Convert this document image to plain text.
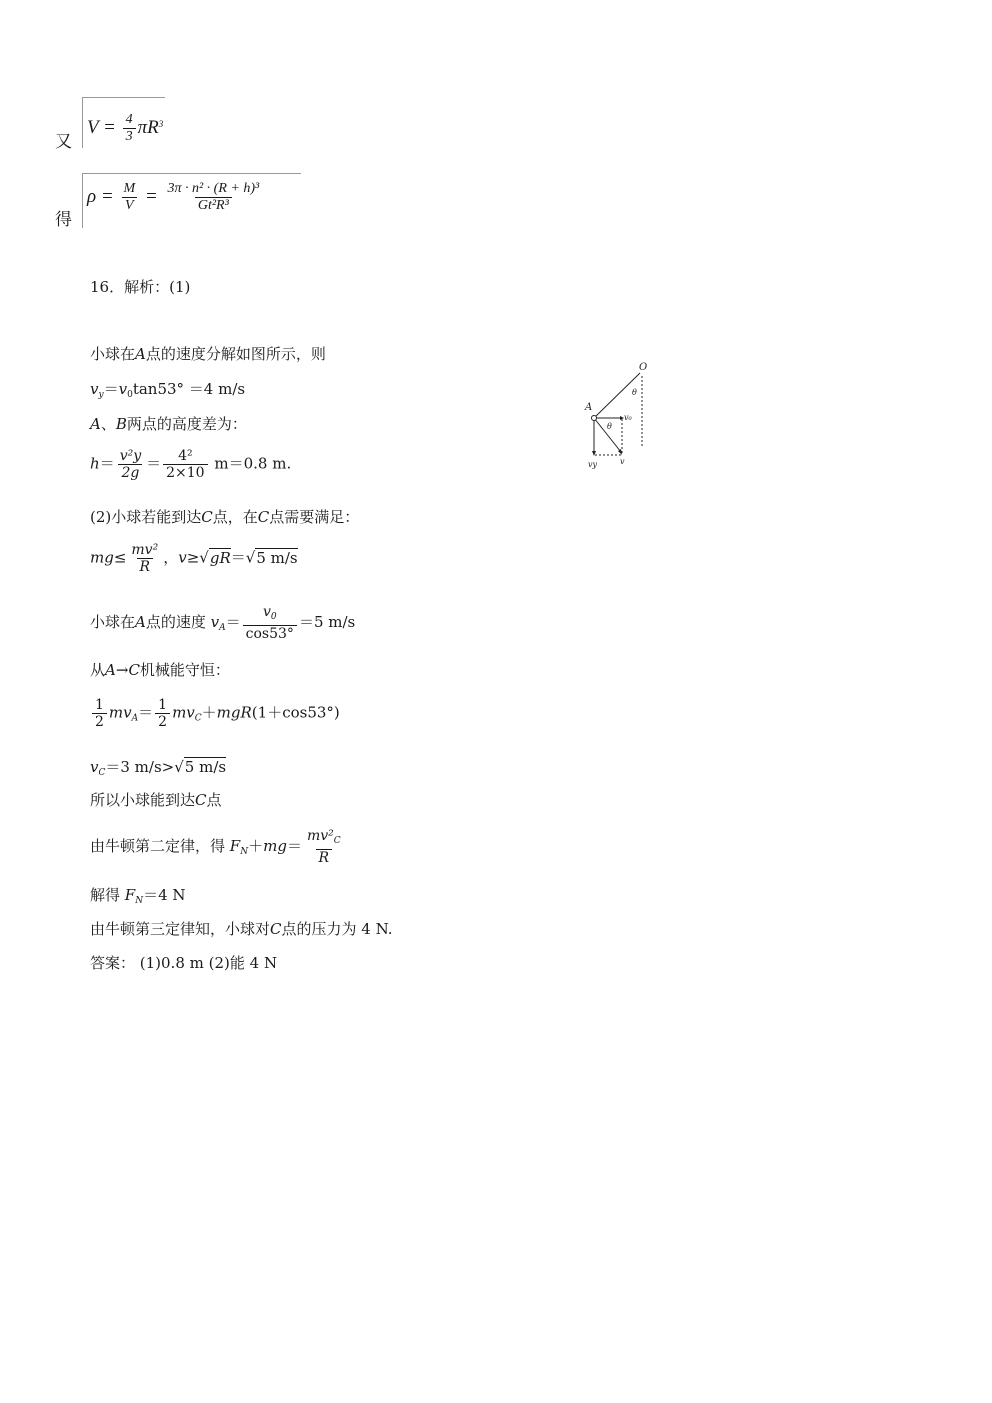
又
$V = \frac{4}{3} \pi R^3$
得
$\rho = \frac{M}{V} = \frac{\text{3π · n² · (R + h)³}}{\text{Gt²R³}}$
16．解析：(1)
小球在A点的速度分解如图所示，则
$v_y=v_0\tan 53^\circ =4$ m/s
A、B两点的高度差为：
$h= \frac{\text{v²y}}{2g} = \frac{\text{4²}}{2\times 10} m=0.8$ m.
(2)小球若能到达C点，在C点需要满足：
$mg\le \frac{\text{mv²}}{R}$ ，v≥√gR＝√5 m/s
小球在A点的速度 $v_A= \frac{v_0}{\cos 53^\circ} =5$ m/s
从A→C机械能守恒：
$\frac{1}{2} mv_A= \frac{1}{2} mv_C+mgR(1+\cos 53^\circ)$
$v_C=3$ m/s>√5 m/s
所以小球能到达C点
由牛顿第二定律，得 $F_N+mg= \frac{mv^2_C}{R}$
解得 $F_N=4$ N
由牛顿第三定律知，小球对C点的压力为 4 N.
答案： (1)0.8 m (2)能 4 N
O
A
θ
θ
v₀
vy	v
